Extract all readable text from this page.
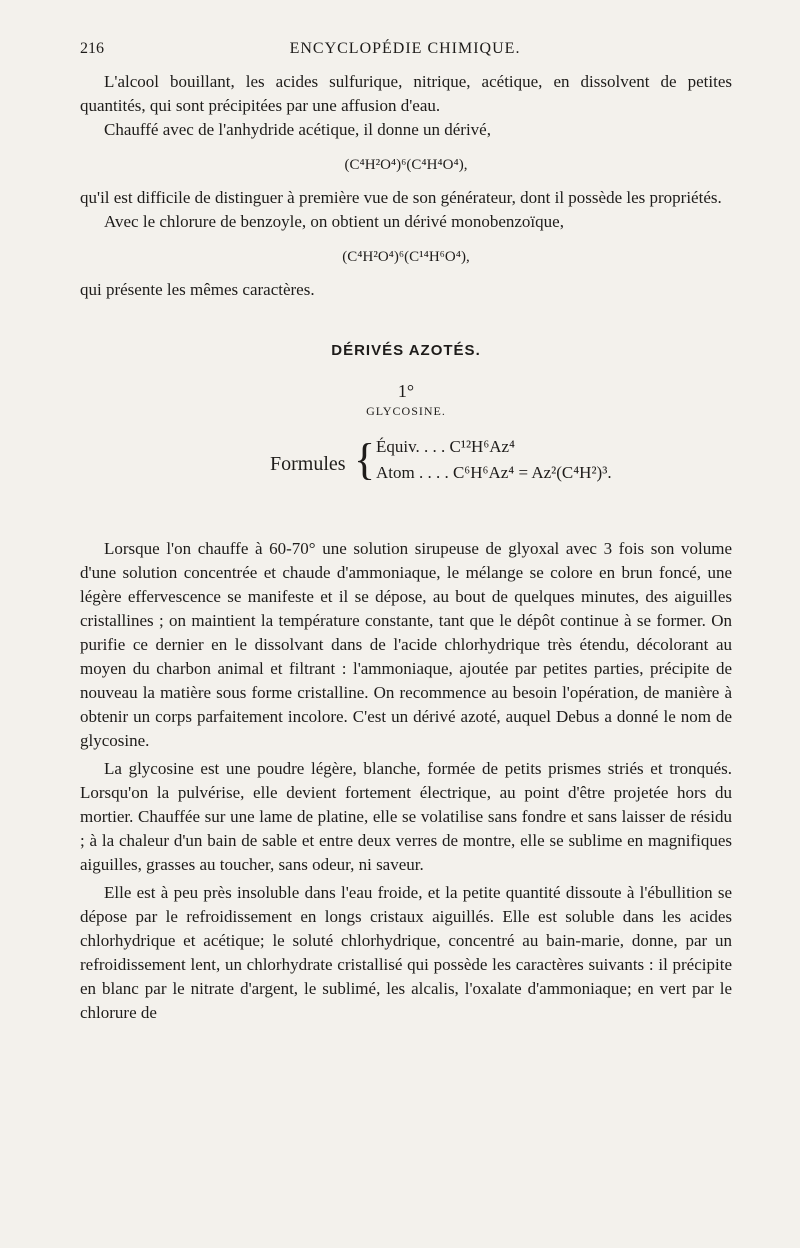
216	ENCYCLOPÉDIE CHIMIQUE.

L'alcool bouillant, les acides sulfurique, nitrique, acétique, en dissolvent de petites quantités, qui sont précipitées par une affusion d'eau.

Chauffé avec de l'anhydride acétique, il donne un dérivé,

(C⁴H²O⁴)⁶(C⁴H⁴O⁴),

qu'il est difficile de distinguer à première vue de son générateur, dont il possède les propriétés.

Avec le chlorure de benzoyle, on obtient un dérivé monobenzoïque,

(C⁴H²O⁴)⁶(C¹⁴H⁶O⁴),

qui présente les mêmes caractères.

DÉRIVÉS AZOTÉS.
1°
GLYCOSINE.
Formules { Équiv. . . . C¹²H⁶Az⁴
Atom . . . . C⁶H⁶Az⁴ = Az²(C⁴H²)³.

Lorsque l'on chauffe à 60-70° une solution sirupeuse de glyoxal avec 3 fois son volume d'une solution concentrée et chaude d'ammoniaque, le mélange se colore en brun foncé, une légère effervescence se manifeste et il se dépose, au bout de quelques minutes, des aiguilles cristallines ; on maintient la température constante, tant que le dépôt continue à se former. On purifie ce dernier en le dissolvant dans de l'acide chlorhydrique très étendu, décolorant au moyen du charbon animal et filtrant : l'ammoniaque, ajoutée par petites parties, précipite de nouveau la matière sous forme cristalline. On recommence au besoin l'opération, de manière à obtenir un corps parfaitement incolore. C'est un dérivé azoté, auquel Debus a donné le nom de glycosine.

La glycosine est une poudre légère, blanche, formée de petits prismes striés et tronqués. Lorsqu'on la pulvérise, elle devient fortement électrique, au point d'être projetée hors du mortier. Chauffée sur une lame de platine, elle se volatilise sans fondre et sans laisser de résidu ; à la chaleur d'un bain de sable et entre deux verres de montre, elle se sublime en magnifiques aiguilles, grasses au toucher, sans odeur, ni saveur.

Elle est à peu près insoluble dans l'eau froide, et la petite quantité dissoute à l'ébullition se dépose par le refroidissement en longs cristaux aiguillés. Elle est soluble dans les acides chlorhydrique et acétique; le soluté chlorhydrique, concentré au bain-marie, donne, par un refroidissement lent, un chlorhydrate cristallisé qui possède les caractères suivants : il précipite en blanc par le nitrate d'argent, le sublimé, les alcalis, l'oxalate d'ammoniaque; en vert par le chlorure de
